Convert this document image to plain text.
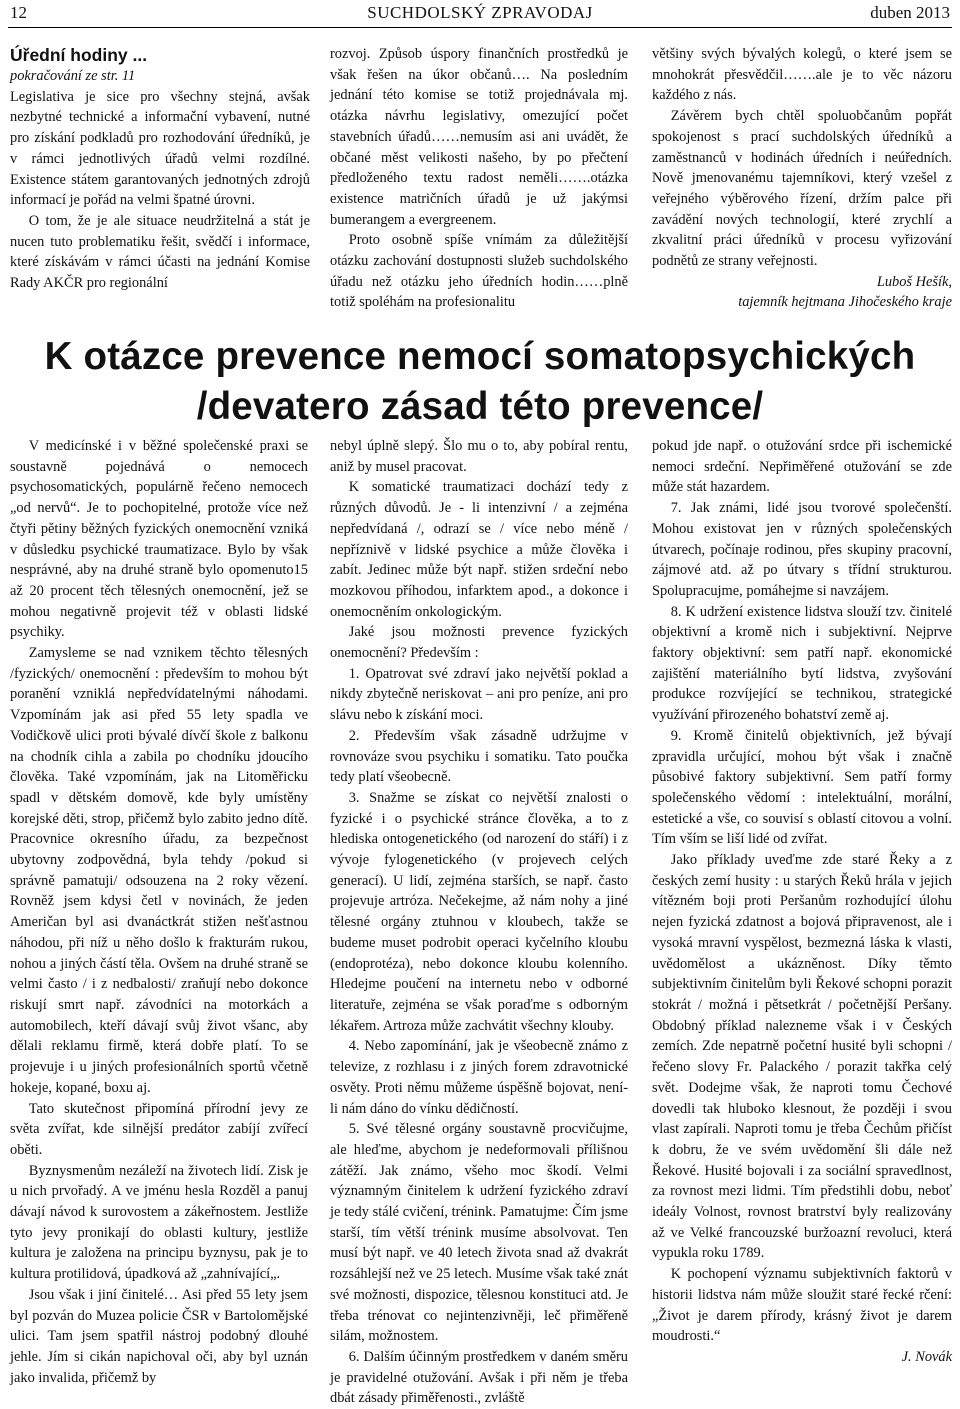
12	SUCHDOLSKÝ ZPRAVODAJ	duben 2013

Úřední hodiny ...

pokračování ze str. 11

Legislativa je sice pro všechny stejná, avšak nezbytné technické a informační vybavení, nutné pro získání podkladů pro rozhodování úředníků, je v rámci jednotlivých úřadů velmi rozdílné. Existence státem garantovaných jednotných zdrojů informací je pořád na velmi špatné úrovni.

O tom, že je ale situace neudržitelná a stát je nucen tuto problematiku řešit, svědčí i informace, které získávám v rámci účasti na jednání Komise Rady AKČR pro regionální

rozvoj. Způsob úspory finančních prostředků je však řešen na úkor občanů…. Na posledním jednání této komise se totiž projednávala mj. otázka návrhu legislativy, omezující počet stavebních úřadů……nemusím asi ani uvádět, že občané měst velikosti našeho, by po přečtení předloženého textu radost neměli…….otázka existence matričních úřadů je už jakýmsi bumerangem a evergreenem.

Proto osobně spíše vnímám za důležitější otázku zachování dostupnosti služeb suchdolského úřadu než otázku jeho úředních hodin……plně totiž spoléhám na profesionalitu

většiny svých bývalých kolegů, o které jsem se mnohokrát přesvědčil…….ale je to věc názoru každého z nás.

Závěrem bych chtěl spoluobčanům popřát spokojenost s prací suchdolských úředníků a zaměstnanců v hodinách úředních i neúředních. Nově jmenovanému tajemníkovi, který vzešel z veřejného výběrového řízení, držím palce při zavádění nových technologií, které zrychlí a zkvalitní práci úředníků v procesu vyřizování podnětů ze strany veřejnosti.

Luboš Hešík,

tajemník hejtmana Jihočeského kraje

K otázce prevence nemocí somatopsychických
/devatero zásad této prevence/

V medicínské i v běžné společenské praxi se soustavně pojednává o nemocech psychosomatických, populárně řečeno nemocech „od nervů“. Je to pochopitelné, protože více než čtyři pětiny běžných fyzických onemocnění vzniká v důsledku psychické traumatizace. Bylo by však nesprávné, aby na druhé straně bylo opomenuto15 až 20 procent těch tělesných onemocnění, jež se mohou negativně projevit též v oblasti lidské psychiky.

Zamysleme se nad vznikem těchto tělesných /fyzických/ onemocnění : především to mohou být poranění vzniklá nepředvídatelnými náhodami. Vzpomínám jak asi před 55 lety spadla ve Vodičkově ulici proti bývalé dívčí škole z balkonu na chodník cihla a zabila po chodníku jdoucího člověka. Také vzpomínám, jak na Litoměřicku spadl v dětském domově, kde byly umístěny korejské děti, strop, přičemž bylo zabito jedno dítě. Pracovnice okresního úřadu, za bezpečnost ubytovny zodpovědná, byla tehdy /pokud si správně pamatuji/ odsouzena na 2 roky vězení. Rovněž jsem kdysi četl v novinách, že jeden Američan byl asi dvanáctkrát stižen nešťastnou náhodou, při níž u něho došlo k frakturám rukou, nohou a jiných částí těla. Ovšem na druhé straně se velmi často / i z nedbalosti/ zraňují nebo dokonce riskují smrt např. závodníci na motorkách a automobilech, kteří dávají svůj život všanc, aby dělali reklamu firmě, která dobře platí. To se projevuje i u jiných profesionálních sportů včetně hokeje, kopané, boxu aj.

Tato skutečnost připomíná přírodní jevy ze světa zvířat, kde silnější predátor zabíjí zvířecí oběti.

Byznysmenům nezáleží na životech lidí. Zisk je u nich prvořadý. A ve jménu hesla Rozděl a panuj dávají návod k surovostem a zákeřnostem. Jestliže tyto jevy pronikají do oblasti kultury, jestliže kultura je založena na principu byznysu, pak je to kultura protilidová, úpadková až „zahnívající„.

Jsou však i jiní činitelé… Asi před 55 lety jsem byl pozván do Muzea policie ČSR v Bartolomějské ulici. Tam jsem spatřil nástroj podobný dlouhé jehle. Jím si cikán napichoval oči, aby byl uznán jako invalida, přičemž by

nebyl úplně slepý. Šlo mu o to, aby pobíral rentu, aniž by musel pracovat.

K somatické traumatizaci dochází tedy z různých důvodů. Je - li intenzivní / a zejména nepředvídaná /, odrazí se / více nebo méně / nepříznivě v lidské psychice a může člověka i zabít. Jedinec může být např. stižen srdeční nebo mozkovou příhodou, infarktem apod., a dokonce i onemocněním onkologickým.

Jaké jsou možnosti prevence fyzických onemocnění? Především :

1. Opatrovat své zdraví jako největší poklad a nikdy zbytečně neriskovat – ani pro peníze, ani pro slávu nebo k získání moci.

2. Především však zásadně udržujme v rovnováze svou psychiku i somatiku. Tato poučka tedy platí všeobecně.

3. Snažme se získat co největší znalosti o fyzické i o psychické stránce člověka, a to z hlediska ontogenetického (od narození do stáří) i z vývoje fylogenetického (v projevech celých generací). U lidí, zejména starších, se např. často projevuje artróza. Nečekejme, až nám nohy a jiné tělesné orgány ztuhnou v kloubech, takže se budeme muset podrobit operaci kyčelního kloubu (endoprotéza), nebo dokonce kloubu kolenního. Hledejme poučení na internetu nebo v odborné literatuře, zejména se však poraďme s odborným lékařem. Artroza může zachvátit všechny klouby.

4. Nebo zapomínání, jak je všeobecně známo z televize, z rozhlasu i z jiných forem zdravotnické osvěty. Proti němu můžeme úspěšně bojovat, není-li nám dáno do vínku dědičností.

5. Své tělesné orgány soustavně procvičujme, ale hleďme, abychom je nedeformovali přílišnou zátěží. Jak známo, všeho moc škodí. Velmi významným činitelem k udržení fyzického zdraví je tedy stálé cvičení, trénink. Pamatujme: Čím jsme starší, tím větší trénink musíme absolvovat. Ten musí být např. ve 40 letech života snad až dvakrát rozsáhlejší než ve 25 letech. Musíme však také znát své možnosti, dispozice, tělesnou konstituci atd. Je třeba trénovat co nejintenzivněji, leč přiměřeně silám, možnostem.

6. Dalším účinným prostředkem v daném směru je pravidelné otužování. Avšak i při něm je třeba dbát zásady přiměřenosti., zvláště

pokud jde např. o otužování srdce při ischemické nemoci srdeční. Nepřiměřené otužování se zde může stát hazardem.

7. Jak známi, lidé jsou tvorové společenští. Mohou existovat jen v různých společenských útvarech, počínaje rodinou, přes skupiny pracovní, zájmové atd. až po útvary s třídní strukturou. Spolupracujme, pomáhejme si navzájem.

8. K udržení existence lidstva slouží tzv. činitelé objektivní a kromě nich i subjektivní. Nejprve faktory objektivní: sem patří např. ekonomické zajištění materiálního bytí lidstva, zvyšování produkce rozvíjející se technikou, strategické využívání přirozeného bohatství země aj.

9. Kromě činitelů objektivních, jež bývají zpravidla určující, mohou být však i značně působivé faktory subjektivní. Sem patří formy společenského vědomí : intelektuální, morální, estetické a vše, co souvisí s oblastí citovou a volní. Tím vším se liší lidé od zvířat.

Jako příklady uveďme zde staré Řeky a z českých zemí husity : u starých Řeků hrála v jejich vítězném boji proti Peršanům rozhodující úlohu nejen fyzická zdatnost a bojová připravenost, ale i vysoká mravní vyspělost, bezmezná láska k vlasti, uvědomělost a ukázněnost. Díky těmto subjektivním činitelům byli Řekové schopni porazit stokrát / možná i pětsetkrát / početnější Peršany. Obdobný příklad nalezneme však i v Českých zemích. Zde nepatrně početní husité byli schopni /řečeno slovy Fr. Palackého / porazit takřka celý svět. Dodejme však, že naproti tomu Čechové dovedli tak hluboko klesnout, že později i svou vlast zapírali. Naproti tomu je třeba Čechům přičíst k dobru, že ve svém uvědomění šli dále než Řekové. Husité bojovali i za sociální spravedlnost, za rovnost mezi lidmi. Tím předstihli dobu, neboť ideály Volnost, rovnost bratrství byly realizovány až ve Velké francouzské buržoazní revoluci, která vypukla roku 1789.

K pochopení významu subjektivních faktorů v historii lidstva nám může sloužit staré řecké rčení: „Život je darem přírody, krásný život je darem moudrosti.“

J. Novák
